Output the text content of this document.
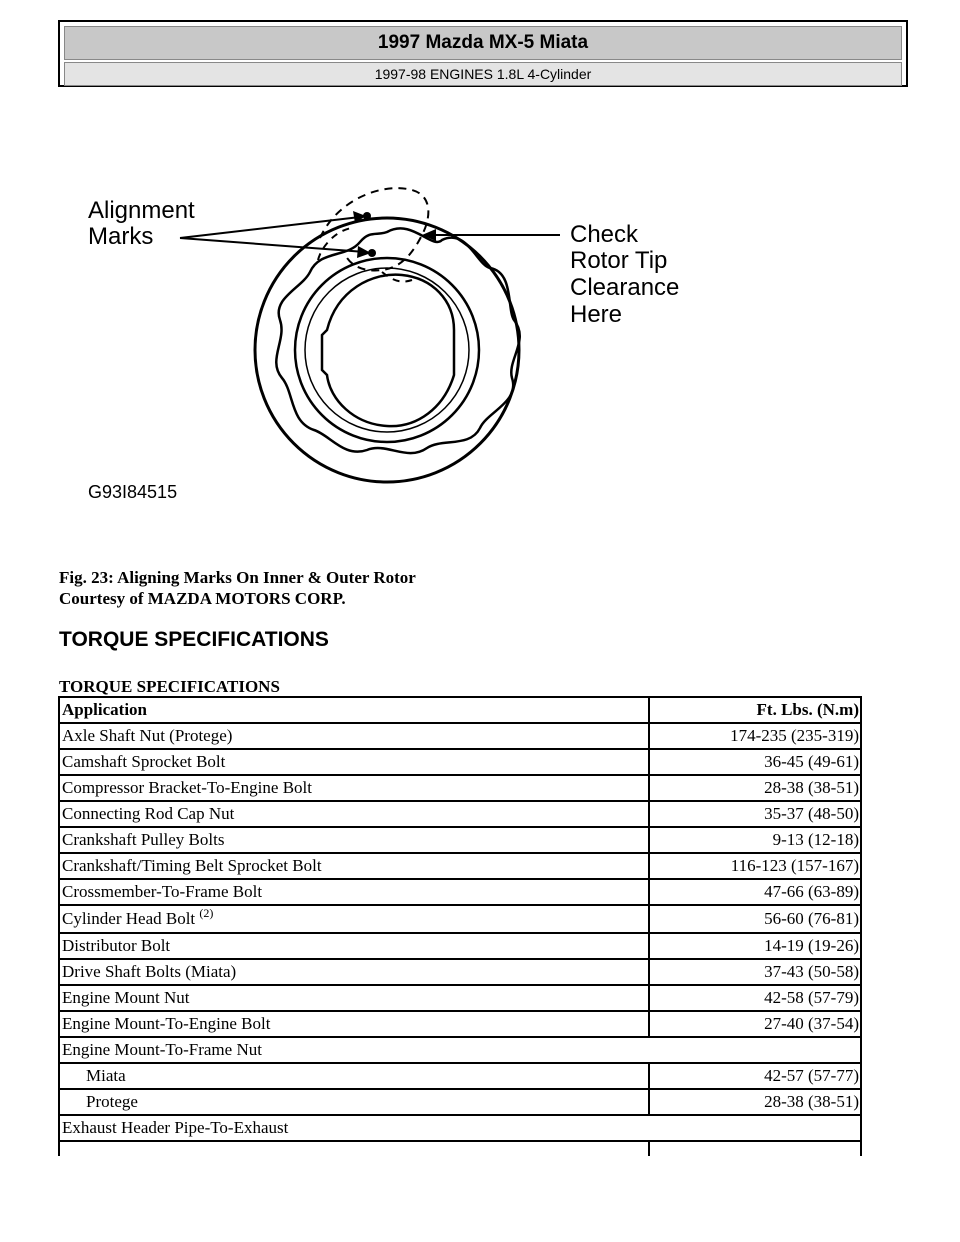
1997 Mazda MX-5 Miata
1997-98 ENGINES 1.8L 4-Cylinder
Alignment
Marks	Check
Rotor Tip
Clearance
Here
G93I84515
Fig. 23: Aligning Marks On Inner & Outer Rotor
Courtesy of MAZDA MOTORS CORP.
TORQUE SPECIFICATIONS
TORQUE SPECIFICATIONS
Application	Ft. Lbs. (N.m)
Axle Shaft Nut (Protege)	174-235 (235-319)
Camshaft Sprocket Bolt	36-45 (49-61)
Compressor Bracket-To-Engine Bolt	28-38 (38-51)
Connecting Rod Cap Nut	35-37 (48-50)
Crankshaft Pulley Bolts	9-13 (12-18)
Crankshaft/Timing Belt Sprocket Bolt	116-123 (157-167)
Crossmember-To-Frame Bolt	47-66 (63-89)
Cylinder Head Bolt $^{(2)}$	56-60 (76-81)
Distributor Bolt	14-19 (19-26)
Drive Shaft Bolts (Miata)	37-43 (50-58)
Engine Mount Nut	42-58 (57-79)
Engine Mount-To-Engine Bolt	27-40 (37-54)
Engine Mount-To-Frame Nut
Miata	42-57 (57-77)
Protege	28-38 (38-51)
Exhaust Header Pipe-To-Exhaust
